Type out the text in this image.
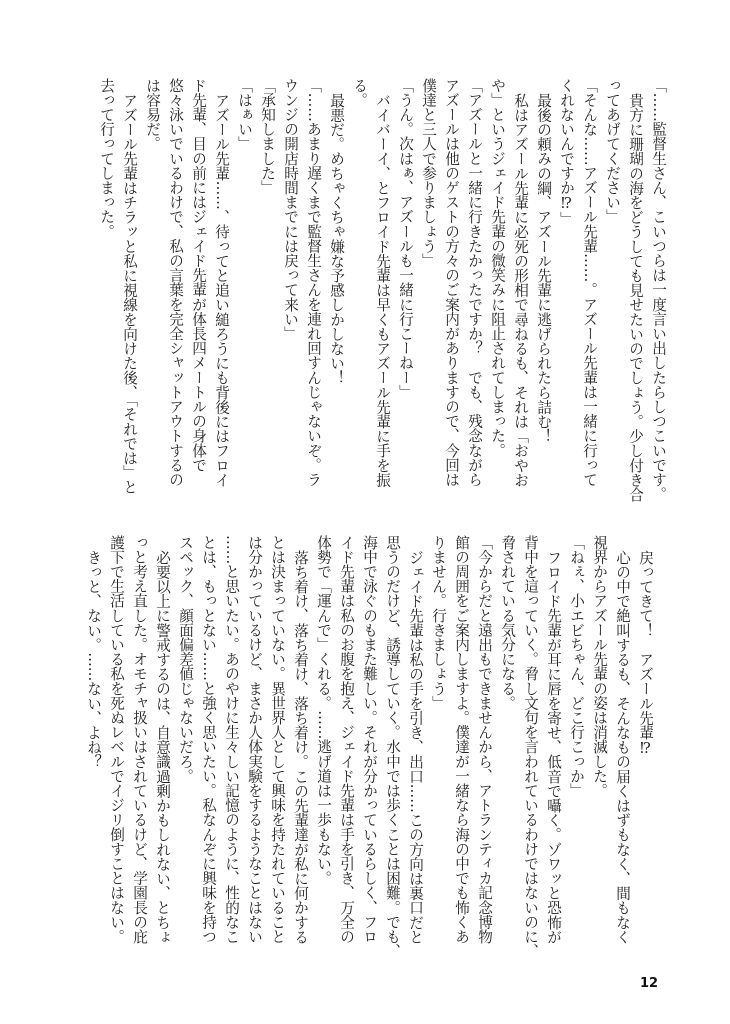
「……監督生さん、こいつらは一度言い出したらしつこいです。
貴方に珊瑚の海をどうしても見せたいのでしょう。少し付き合
ってあげてください」
「そんな……アズール先輩……。アズール先輩は一緒に行って
くれないんですか⁉」
最後の頼みの綱、アズール先輩に逃げられたら詰む！
私はアズール先輩に必死の形相で尋ねるも、それは「おやお
や」というジェイド先輩の微笑みに阻止されてしまった。
「アズールと一緒に行きたかったですか？　でも、残念ながら
アズールは他のゲストの方々のご案内がありますので、今回は
僕達と三人で参りましょう」
「うん。次はぁ、アズールも一緒に行こーねー」
バイバーイ、とフロイド先輩は早くもアズール先輩に手を振
る。
最悪だ。めちゃくちゃ嫌な予感しかしない！
「……あまり遅くまで監督生さんを連れ回すんじゃないぞ。ラ
ウンジの開店時間までには戻って来い」
「承知しました」
「はぁい」
アズール先輩……、待ってと追い縋ろうにも背後にはフロイ
ド先輩、目の前にはジェイド先輩が体長四メートルの身体で
悠々泳いでいるわけで、私の言葉を完全シャットアウトするの
は容易だ。
アズール先輩はチラッと私に視線を向けた後、「それでは」と
去って行ってしまった。
戻ってきて！　アズール先輩⁉
心の中で絶叫するも、そんなもの届くはずもなく、間もなく
視界からアズール先輩の姿は消滅した。
「ねぇ、小エビちゃん、どこ行こっか」
フロイド先輩が耳に唇を寄せ、低音で囁く。ゾワッと恐怖が
背中を這っていく。脅し文句を言われているわけではないのに、
脅されている気分になる。
「今からだと遠出もできませんから、アトランティカ記念博物
館の周囲をご案内しますよ。僕達が一緒なら海の中でも怖くあ
りません。行きましょう」
ジェイド先輩は私の手を引き、出口……この方向は裏口だと
思うのだけど、誘導していく。水中では歩くことは困難。でも、
海中で泳ぐのもまた難しい。それが分かっているらしく、フロ
イド先輩は私のお腹を抱え、ジェイド先輩は手を引き、万全の
体勢で「運んで」くれる。……逃げ道は一歩もない。
落ち着け、落ち着け、落ち着け。この先輩達が私に何かする
とは決まっていない。異世界人として興味を持たれていること
は分かっているけど、まさか人体実験をするようなことはない
……と思いたい。あのやけに生々しい記憶のように、性的なこ
とは、もっとない……と強く思いたい。私なんぞに興味を持つ
スペック、顔面偏差値じゃないだろ。
必要以上に警戒するのは、自意識過剰かもしれない、とちょ
っと考え直した。オモチャ扱いはされているけど、学園長の庇
護下で生活している私を死ぬレベルでイジリ倒すことはない。
きっと、ない。……ない、よね？
12
